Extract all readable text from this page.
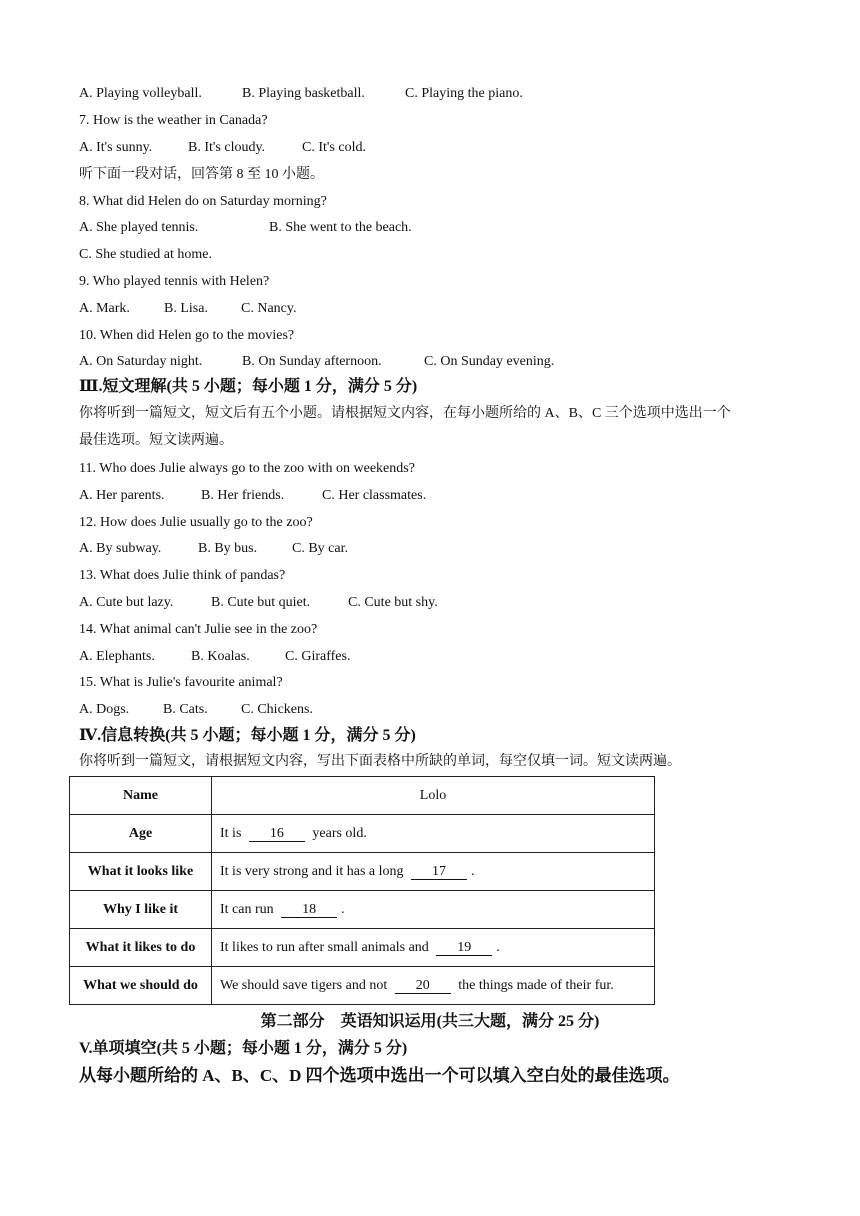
A. Playing volleyball.	B. Playing basketball.	C. Playing the piano.
7. How is the weather in Canada?
A. It's sunny.	B. It's cloudy.	C. It's cold.
听下面一段对话，回答第 8 至 10 小题。
8. What did Helen do on Saturday morning?
A. She played tennis.	B. She went to the beach.
C. She studied at home.
9. Who played tennis with Helen?
A. Mark. B. Lisa. C. Nancy.
10. When did Helen go to the movies?
A. On Saturday night.	B. On Sunday afternoon.	C. On Sunday evening.
Ⅲ.短文理解(共 5 小题；每小题 1 分，满分 5 分)
你将听到一篇短文，短文后有五个小题。请根据短文内容，在每小题所给的 A、B、C 三个选项中选出一个
最佳选项。短文读两遍。
11. Who does Julie always go to the zoo with on weekends?
A. Her parents.	B. Her friends.	C. Her classmates.
12. How does Julie usually go to the zoo?
A. By subway.	B. By bus. C. By car.
13. What does Julie think of pandas?
A. Cute but lazy.	B. Cute but quiet.	C. Cute but shy.
14. What animal can't Julie see in the zoo?
A. Elephants.	B. Koalas.	C. Giraffes.
15. What is Julie's favourite animal?
A. Dogs. B. Cats. C. Chickens.
Ⅳ.信息转换(共 5 小题；每小题 1 分，满分 5 分)
你将听到一篇短文，请根据短文内容，写出下面表格中所缺的单词，每空仅填一词。短文读两遍。
Name	Lolo
Age	It is 16 years old.
What it looks like	It is very strong and it has a long 17 .
Why I like it	It can run 18 .
What it likes to do	It likes to run after small animals and 19 .
What we should do	We should save tigers and not 20 the things made of their fur.
第二部分　英语知识运用(共三大题，满分 25 分)
V.单项填空(共 5 小题；每小题 1 分，满分 5 分)
从每小题所给的 A、B、C、D 四个选项中选出一个可以填入空白处的最佳选项。
